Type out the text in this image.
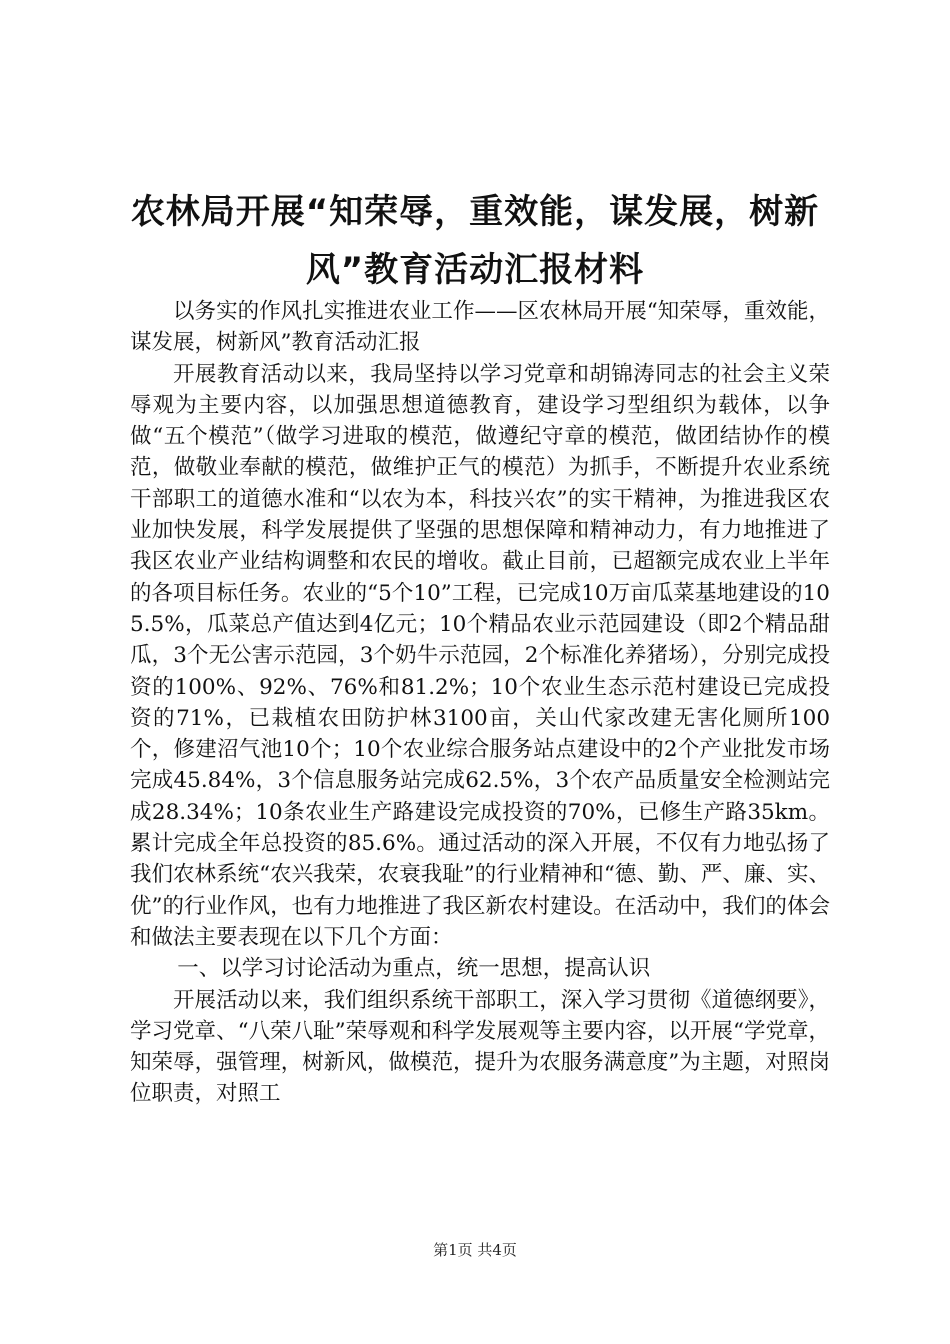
农林局开展“知荣辱，重效能，谋发展，树新风”教育活动汇报材料

以务实的作风扎实推进农业工作——区农林局开展“知荣辱，重效能，谋发展，树新风”教育活动汇报

开展教育活动以来，我局坚持以学习党章和胡锦涛同志的社会主义荣辱观为主要内容，以加强思想道德教育，建设学习型组织为载体，以争做“五个模范”（做学习进取的模范，做遵纪守章的模范，做团结协作的模范，做敬业奉献的模范，做维护正气的模范）为抓手，不断提升农业系统干部职工的道德水准和“以农为本，科技兴农”的实干精神，为推进我区农业加快发展，科学发展提供了坚强的思想保障和精神动力，有力地推进了我区农业产业结构调整和农民的增收。截止目前，已超额完成农业上半年的各项目标任务。农业的“5个10”工程，已完成10万亩瓜菜基地建设的105.5%，瓜菜总产值达到4亿元；10个精品农业示范园建设（即2个精品甜瓜，3个无公害示范园，3个奶牛示范园，2个标准化养猪场），分别完成投资的100%、92%、76%和81.2%；10个农业生态示范村建设已完成投资的71%，已栽植农田防护林3100亩，关山代家改建无害化厕所100个，修建沼气池10个；10个农业综合服务站点建设中的2个产业批发市场完成45.84%，3个信息服务站完成62.5%，3个农产品质量安全检测站完成28.34%；10条农业生产路建设完成投资的70%，已修生产路35km。累计完成全年总投资的85.6%。通过活动的深入开展，不仅有力地弘扬了我们农林系统“农兴我荣，农衰我耻”的行业精神和“德、勤、严、廉、实、优”的行业作风，也有力地推进了我区新农村建设。在活动中，我们的体会和做法主要表现在以下几个方面：

一、以学习讨论活动为重点，统一思想，提高认识

开展活动以来，我们组织系统干部职工，深入学习贯彻《道德纲要》，学习党章、“八荣八耻”荣辱观和科学发展观等主要内容，以开展“学党章，知荣辱，强管理，树新风，做模范，提升为农服务满意度”为主题，对照岗位职责，对照工

第1页 共4页
